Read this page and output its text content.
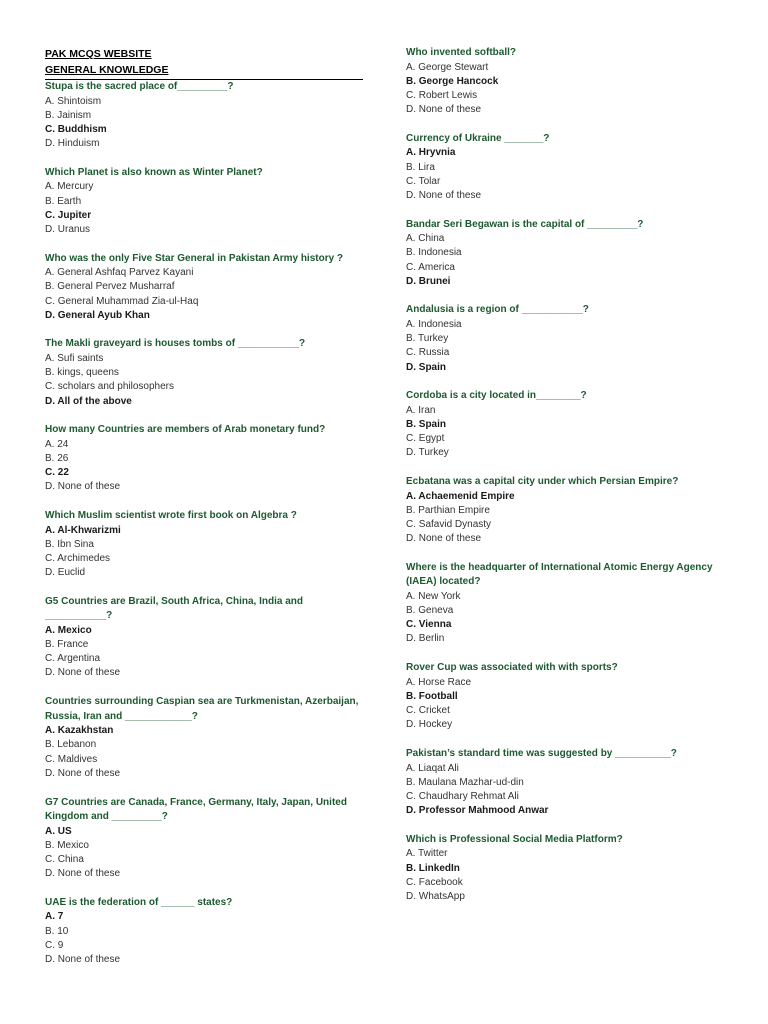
PAK MCQS WEBSITE
GENERAL KNOWLEDGE
Stupa is the sacred place of_________?
A. Shintoism
B. Jainism
C. Buddhism
D. Hinduism
Which Planet is also known as Winter Planet?
A. Mercury
B. Earth
C. Jupiter
D. Uranus
Who was the only Five Star General in Pakistan Army history ?
A. General Ashfaq Parvez Kayani
B. General Pervez Musharraf
C. General Muhammad Zia-ul-Haq
D. General Ayub Khan
The Makli graveyard is houses tombs of ___________?
A. Sufi saints
B. kings, queens
C. scholars and philosophers
D. All of the above
How many Countries are members of Arab monetary fund?
A. 24
B. 26
C. 22
D. None of these
Which Muslim scientist wrote first book on Algebra ?
A. Al-Khwarizmi
B. Ibn Sina
C. Archimedes
D. Euclid
G5 Countries are Brazil, South Africa, China, India and ___________?
A. Mexico
B. France
C. Argentina
D. None of these
Countries surrounding Caspian sea are Turkmenistan, Azerbaijan, Russia, Iran and ____________?
A. Kazakhstan
B. Lebanon
C. Maldives
D. None of these
G7 Countries are Canada, France, Germany, Italy, Japan, United Kingdom and _________?
A. US
B. Mexico
C. China
D. None of these
UAE is the federation of ______ states?
A. 7
B. 10
C. 9
D. None of these
Who invented softball?
A. George Stewart
B. George Hancock
C. Robert Lewis
D. None of these
Currency of Ukraine _______?
A. Hryvnia
B. Lira
C. Tolar
D. None of these
Bandar Seri Begawan is the capital of _________?
A. China
B. Indonesia
C. America
D. Brunei
Andalusia is a region of ___________?
A. Indonesia
B. Turkey
C. Russia
D. Spain
Cordoba is a city located in________?
A. Iran
B. Spain
C. Egypt
D. Turkey
Ecbatana was a capital city under which Persian Empire?
A. Achaemenid Empire
B. Parthian Empire
C. Safavid Dynasty
D. None of these
Where is the headquarter of International Atomic Energy Agency (IAEA) located?
A. New York
B. Geneva
C. Vienna
D. Berlin
Rover Cup was associated with with sports?
A. Horse Race
B. Football
C. Cricket
D. Hockey
Pakistan’s standard time was suggested by __________?
A. Liaqat Ali
B. Maulana Mazhar-ud-din
C. Chaudhary Rehmat Ali
D. Professor Mahmood Anwar
Which is Professional Social Media Platform?
A. Twitter
B. LinkedIn
C. Facebook
D. WhatsApp
